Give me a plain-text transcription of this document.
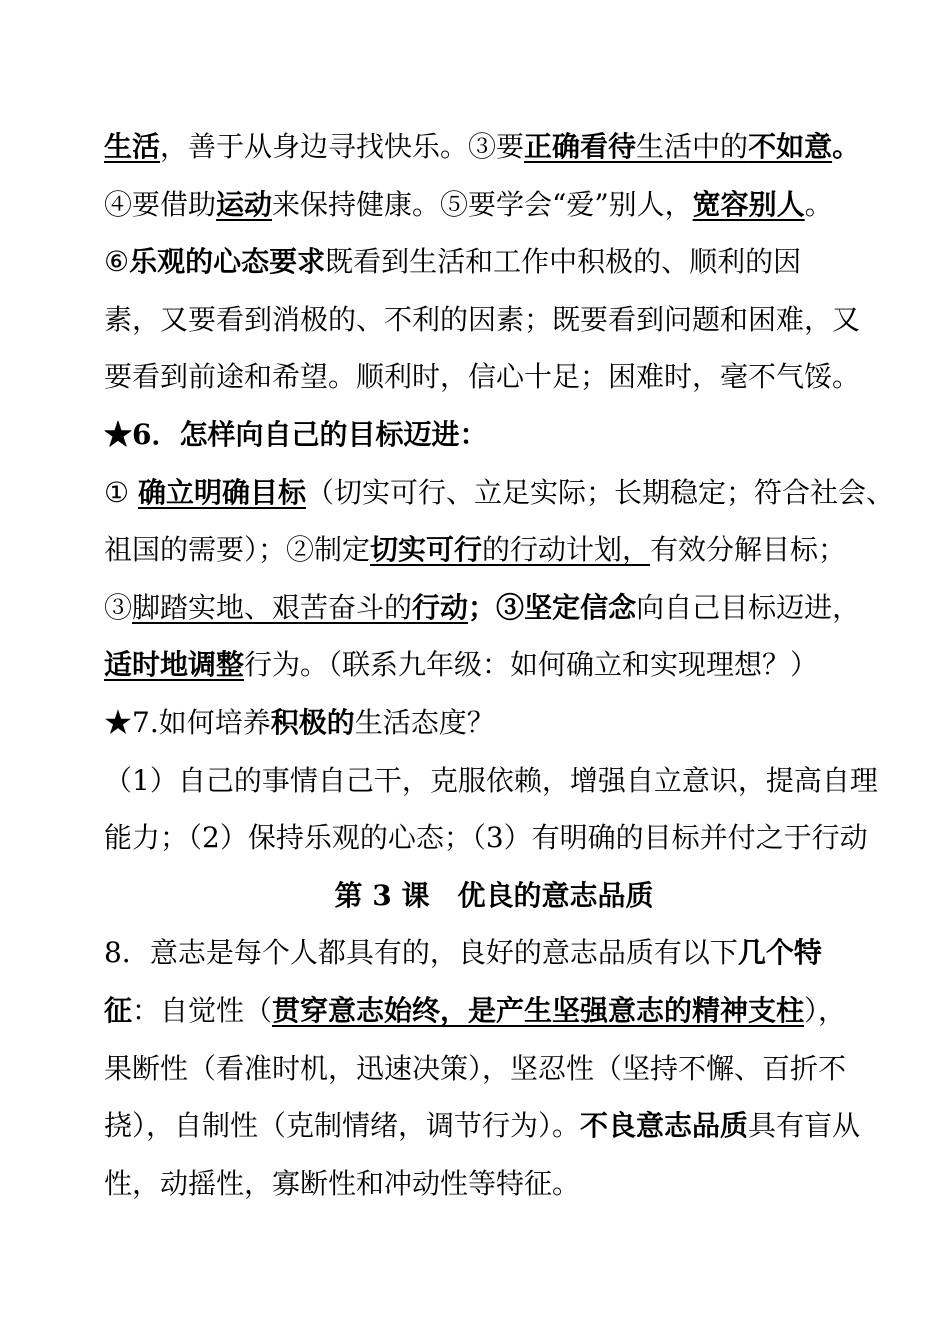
生活，善于从身边寻找快乐。③要正确看待生活中的不如意。
④要借助运动来保持健康。⑤要学会“爱”别人，宽容别人。
⑥乐观的心态要求既看到生活和工作中积极的、顺利的因
素，又要看到消极的、不利的因素；既要看到问题和困难，又
要看到前途和希望。顺利时，信心十足；困难时，毫不气馁。
★6．怎样向自己的目标迈进：
① 确立明确目标（切实可行、立足实际；长期稳定；符合社会、
祖国的需要）；②制定切实可行的行动计划，有效分解目标；
③脚踏实地、艰苦奋斗的行动；③坚定信念向自己目标迈进，
适时地调整行为。（联系九年级：如何确立和实现理想？）
★7.如何培养积极的生活态度？
（1）自己的事情自己干，克服依赖，增强自立意识，提高自理
能力；（2）保持乐观的心态；（3）有明确的目标并付之于行动
第 3 课　优良的意志品质
8．意志是每个人都具有的，良好的意志品质有以下几个特
征：自觉性（贯穿意志始终，是产生坚强意志的精神支柱），
果断性（看准时机，迅速决策），坚忍性（坚持不懈、百折不
挠），自制性（克制情绪，调节行为）。不良意志品质具有盲从
性，动摇性，寡断性和冲动性等特征。
